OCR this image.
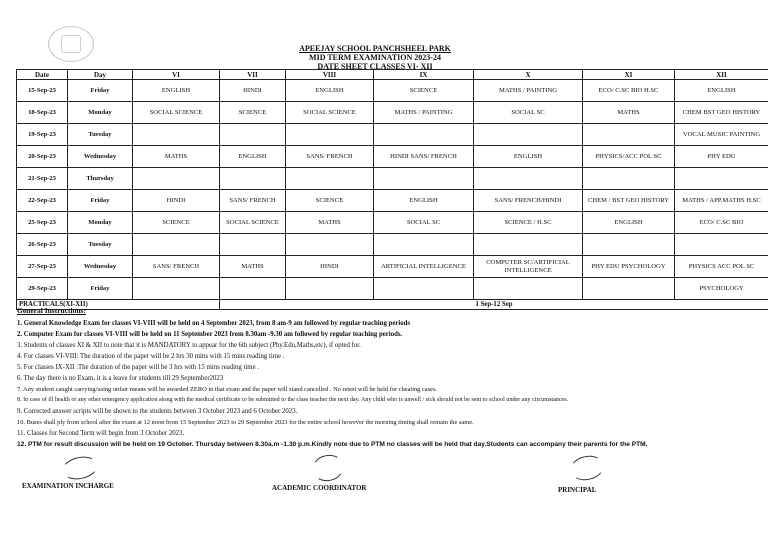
APEEJAY SCHOOL PANCHSHEEL PARK
MID TERM EXAMINATION 2023-24
DATE SHEET CLASSES VI- XII
Date	Day	VI	VII	VIII	IX	X	XI	XII
15-Sep-23	Friday	ENGLISH	HINDI	ENGLISH	SCIENCE	MATHS / PAINTING	ECO/ C.SC BIO H.SC	ENGLISH
18-Sep-23	Monday	SOCIAL SCIENCE	SCIENCE	SOCIAL SCIENCE	MATHS / PAINTING	SOCIAL SC	MATHS	CHEM BST GEO HISTORY
19-Sep-23	Tuesday							VOCAL MUSIC PAINTING
20-Sep-23	Wednesday	MATHS	ENGLISH	SANS/ FRENCH	HINDI SANS/ FRENCH	ENGLISH	PHYSICS/ACC POL SC	PHY EDU
21-Sep-23	Thursday							
22-Sep-23	Friday	HINDI	SANS/ FRENCH	SCIENCE	ENGLISH	SANS/ FRENCH/HINDI	CHEM / BST GEO HISTORY	MATHS / APP.MATHS H.SC
25-Sep-23	Monday	SCIENCE	SOCIAL SCIENCE	MATHS	SOCIAL SC	SCIENCE / H.SC	ENGLISH	ECO/ C.SC BIO
26-Sep-23	Tuesday							
27-Sep-23	Wednesday	SANS/ FRENCH	MATHS	HINDI	ARTIFICIAL INTELLIGENCE	COMPUTER SC/ARTIFICIAL INTELLIGENCE	PHY EDU PSYCHOLOGY	PHYSICS ACC POL SC
29-Sep-23	Friday							PSYCHOLOGY
PRACTICALS(XI-XII)			1 Sep-12 Sep					
General Instructions:
1. General Knowledge Exam for classes VI-VIII will be held on 4 September 2023, from 8 am-9 am followed by regular teaching periods
2. Computer Exam for classes VI-VIII will be held on 11 September 2023 from 8.30am -9.30 am followed by regular teaching periods.
3. Students of classes XI & XII to note that it is MANDATORY to appear for the 6th subject (Phy.Edu,Maths,etc), if opted for.
4. For classes VI-VIII: The duration of the paper will be 2 hrs 30 mins with 15 mins reading time .
5. For classes IX-XII :The duration of the paper will be 3 hrs with 15 mins reading time .
6. The day there is no Exam, it is a leave for students till 29 September2023
7. Any student caught carrying/using unfair means will be awarded ZERO in that exam and the paper will stand cancelled . No retest will be held for cheating cases.
8. In case of ill health or any other emergency application along with the medical certificate to be submitted to the class teacher the next day. Any child who is unwell / sick should not be sent to school under any circumstances.
9. Corrected answer scripts will be shown to the students between 3 October 2023 and 6 October 2023.
10. Buses shall ply from school after the exam at 12 noon from 15 September 2023 to 29 September 2023 for the entire school however the morning timing shall remain the same.
11. Classes for Second Term will begin from 3 October 2023.
12. PTM for result discussion will be held on 19 October. Thursday between 8.30a.m -1.30 p.m.Kindly note due to PTM no classes will be held that day.Students can accompany their parents for the PTM.
EXAMINATION INCHARGE	ACADEMIC COORDINATOR	PRINCIPAL
